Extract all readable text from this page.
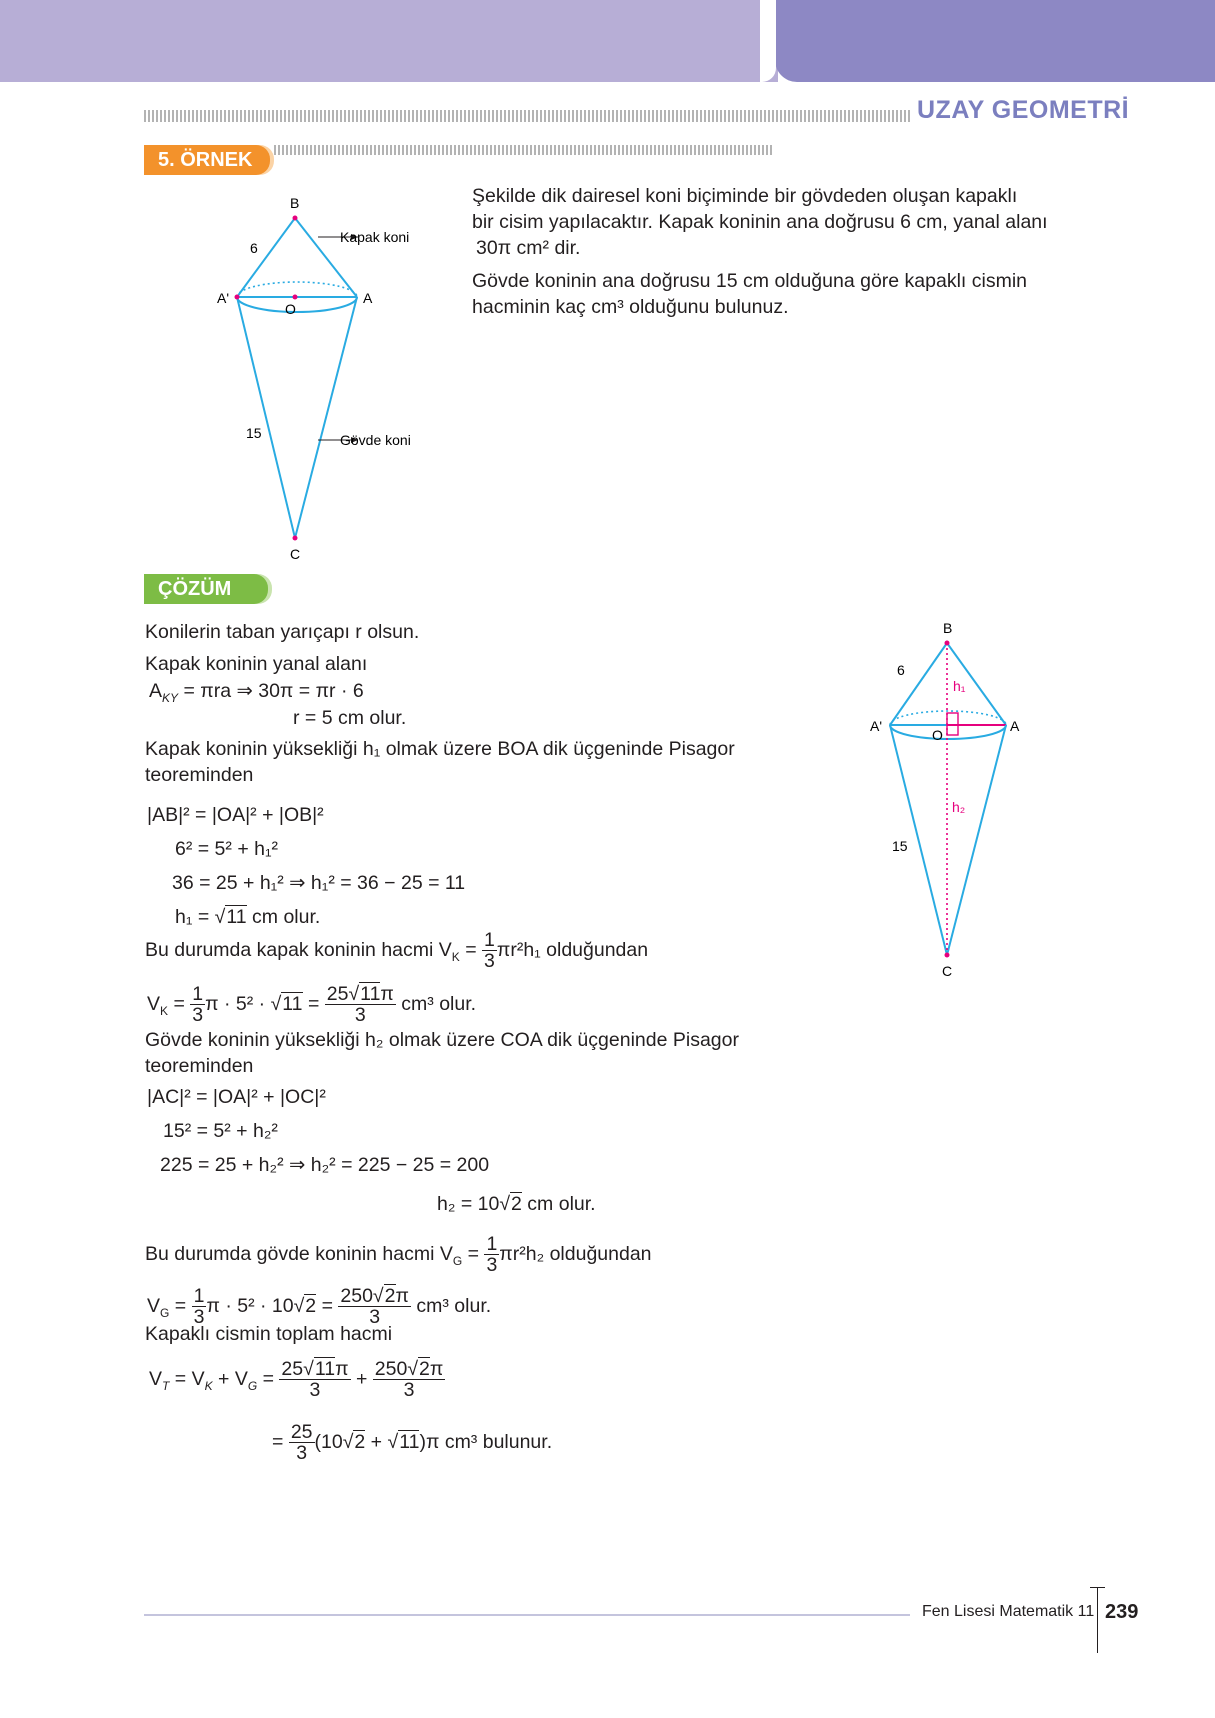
UZAY GEOMETRİ
5. ÖRNEK
Şekilde dik dairesel koni biçiminde bir gövdeden oluşan kapaklı
bir cisim yapılacaktır. Kapak koninin ana doğrusu 6 cm, yanal alanı
30π cm² dir.
Gövde koninin ana doğrusu 15 cm olduğuna göre kapaklı cismin
hacminin kaç cm³ olduğunu bulunuz.
B
6
A'	A
O
15
C
Kapak koni
Gövde koni
ÇÖZÜM
B
6
h₁
A'	A
O
h₂
15
C
Konilerin taban yarıçapı r olsun.
Kapak koninin yanal alanı
$A_{KY} = \pi ra$ ⇒ 30π = πr · 6
r = 5 cm olur.
Kapak koninin yüksekliği h₁ olmak üzere BOA dik üçgeninde Pisagor
teoreminden
|AB|² = |OA|² + |OB|²
6² = 5² + h₁²
36 = 25 + h₁² ⇒ h₁² = 36 − 25 = 11
h₁ = √11 cm olur.
Bu durumda kapak koninin hacmi $V_K = \frac{1}{3} \pi r^2h_1$ olduğundan
$V_K = \frac{1}{3}$ $\pi \cdot 5^2 \cdot √11 = \frac{25√11\pi}{3} cm^3$ olur.
Gövde koninin yüksekliği h₂ olmak üzere COA dik üçgeninde Pisagor
teoreminden
|AC|² = |OA|² + |OC|²
15² = 5² + h₂²
225 = 25 + h₂² ⇒ h₂² = 225 − 25 = 200
h₂ = 10√2 cm olur.
Bu durumda gövde koninin hacmi $V_G = \frac{1}{3} \pi r^2h_2$ olduğundan
$V_G = \frac{1}{3}$ $\pi \cdot 5^2 \cdot 10√2 = \frac{250√2\pi}{3} cm^3$ olur.
Kapaklı cismin toplam hacmi
$V_T = V_K + V_G = \frac{25√11\pi}{3} + \frac{250√2\pi}{3}$
= $\frac{25}{3} (10√2 + √11)\pi$ cm³ bulunur.
Fen Lisesi Matematik 11 239
